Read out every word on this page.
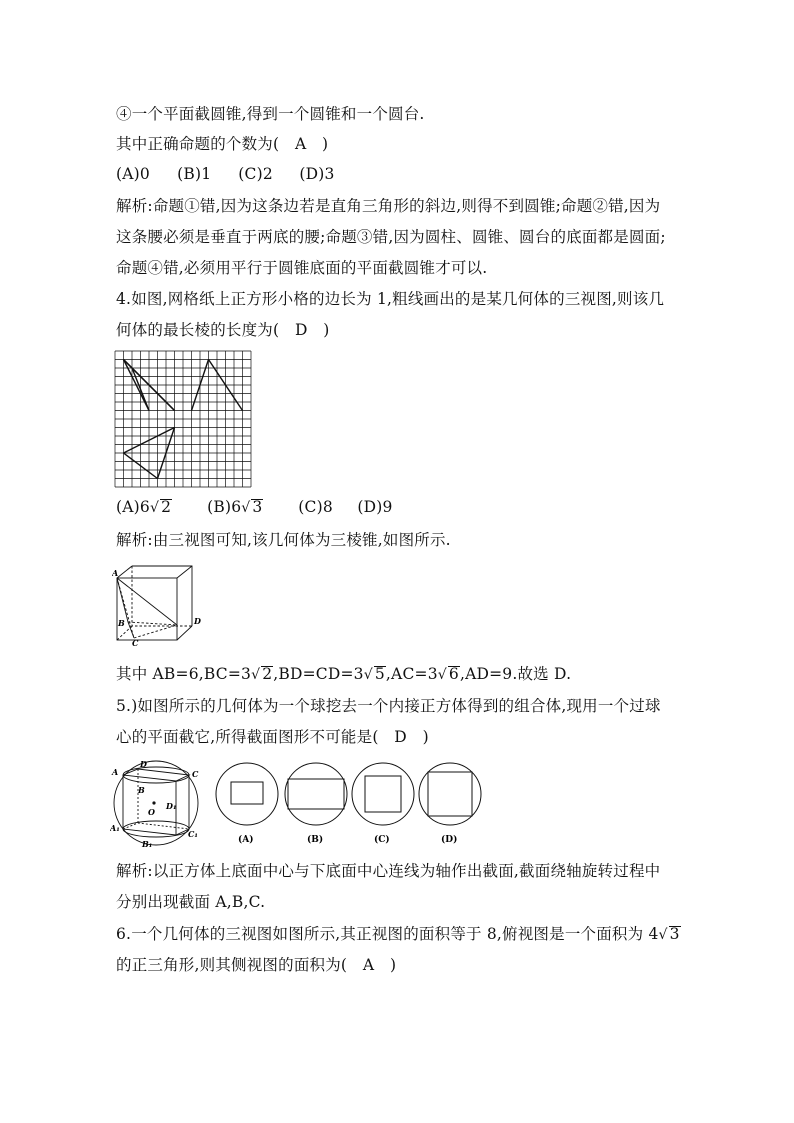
④一个平面截圆锥,得到一个圆锥和一个圆台.
其中正确命题的个数为(　A　)
(A)0 (B)1 (C)2 (D)3
解析:命题①错,因为这条边若是直角三角形的斜边,则得不到圆锥;命题②错,因为
这条腰必须是垂直于两底的腰;命题③错,因为圆柱、圆锥、圆台的底面都是圆面;
命题④错,必须用平行于圆锥底面的平面截圆锥才可以.
4.如图,网格纸上正方形小格的边长为 1,粗线画出的是某几何体的三视图,则该几
何体的最长棱的长度为(　D　)
(A)6√ 2 (B)6√ 3 (C)8 (D)9
解析:由三视图可知,该几何体为三棱锥,如图所示.
A
B
C
D
其中 AB=6,BC=3√ 2,BD=CD=3√ 5,AC=3√ 6,AD=9.故选 D.
5.)如图所示的几何体为一个球挖去一个内接正方体得到的组合体,现用一个过球
心的平面截它,所得截面图形不可能是(　D　)
A
D
C
B
O
D₁
A₁
C₁
B₁	(A)	(B)	(C)	(D)
解析:以正方体上底面中心与下底面中心连线为轴作出截面,截面绕轴旋转过程中
分别出现截面 A,B,C.
6.一个几何体的三视图如图所示,其正视图的面积等于 8,俯视图是一个面积为 4√ 3
的正三角形,则其侧视图的面积为(　A　)
